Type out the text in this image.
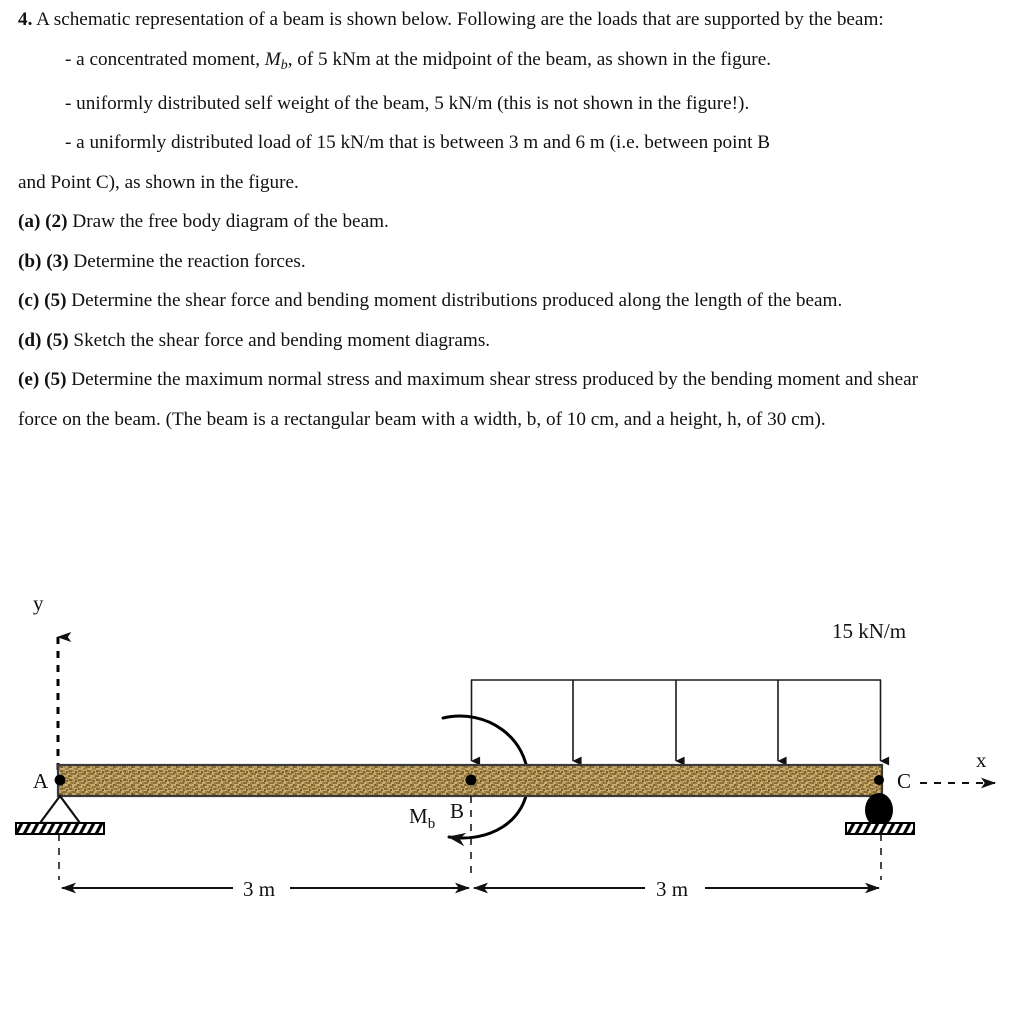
4. A schematic representation of a beam is shown below. Following are the loads that are supported by the beam:

- a concentrated moment, $M_b$, of 5 kNm at the midpoint of the beam, as shown in the figure.

- uniformly distributed self weight of the beam, 5 kN/m (this is not shown in the figure!).

- a uniformly distributed load of 15 kN/m that is between 3 m and 6 m (i.e. between point B

and Point C), as shown in the figure.

(a) (2) Draw the free body diagram of the beam.

(b) (3) Determine the reaction forces.

(c) (5) Determine the shear force and bending moment distributions produced along the length of the beam.

(d) (5) Sketch the shear force and bending moment diagrams.

(e) (5) Determine the maximum normal stress and maximum shear stress produced by the bending moment and shear force on the beam. (The beam is a rectangular beam with a width, b, of 10 cm, and a height, h, of 30 cm).

y
x
15 kN/m
$M_b$
A
B
C
3 m	3 m
